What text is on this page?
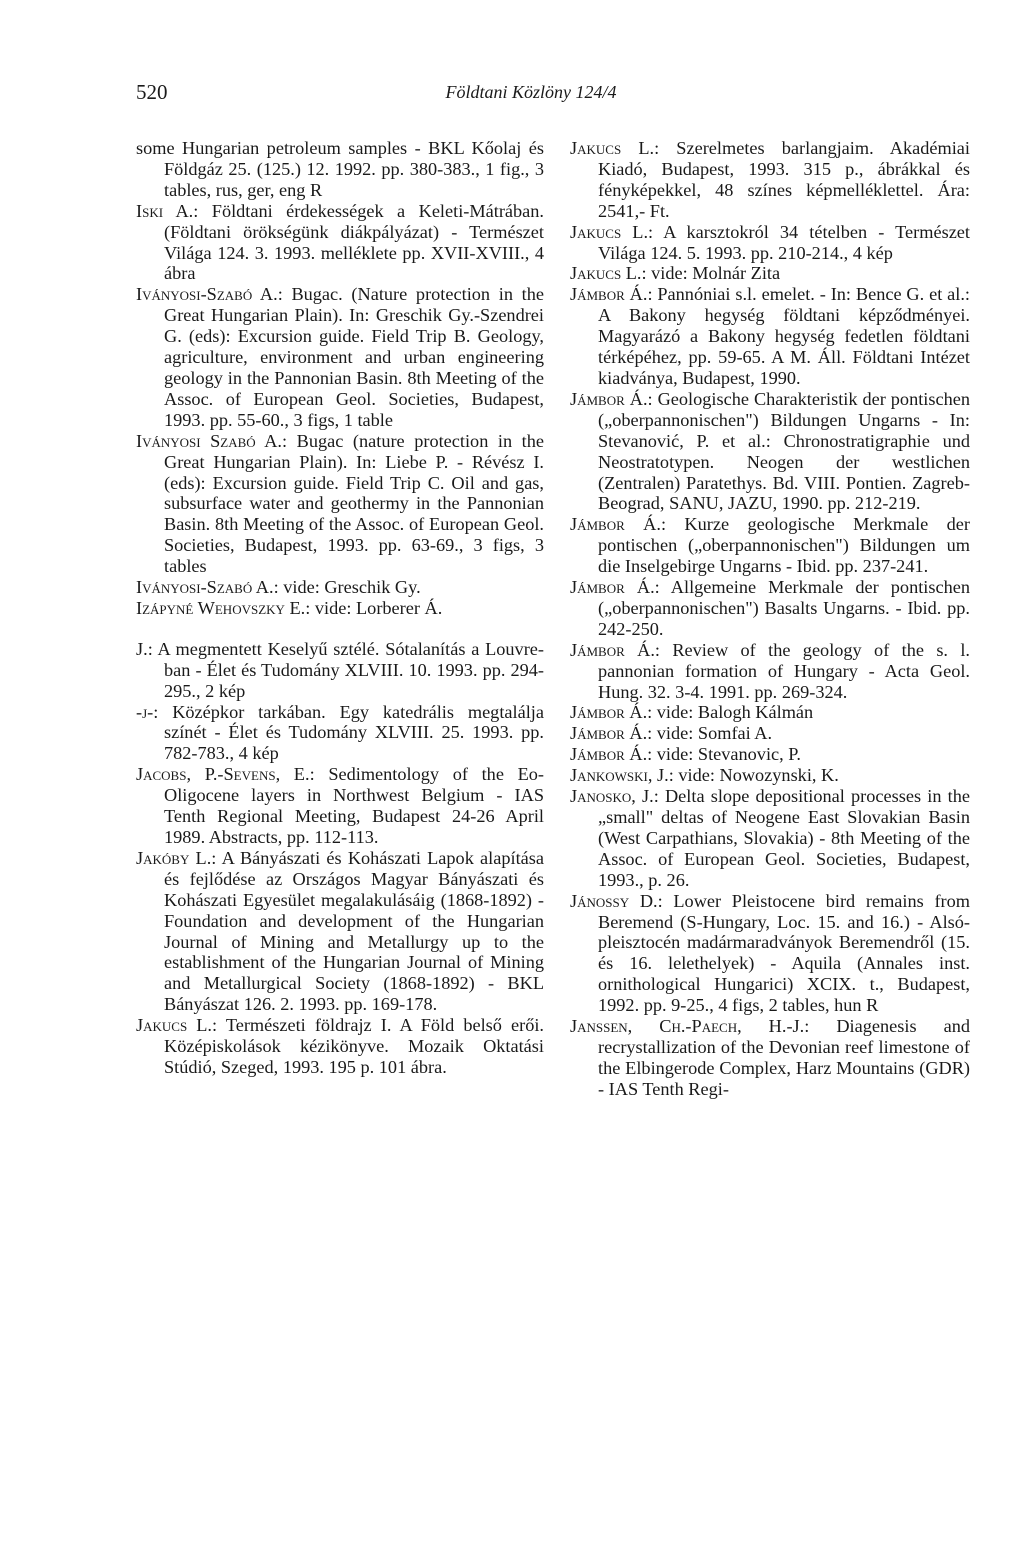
520	Földtani Közlöny 124/4

some Hungarian petroleum samples - BKL Kőolaj és Földgáz 25. (125.) 12. 1992. pp. 380-383., 1 fig., 3 tables, rus, ger, eng R

Iski A.: Földtani érdekességek a Keleti-Mátrában. (Földtani örökségünk diákpályázat) - Természet Világa 124. 3. 1993. melléklete pp. XVII-XVIII., 4 ábra

Iványosi-Szabó A.: Bugac. (Nature protection in the Great Hungarian Plain). In: Greschik Gy.-Szendrei G. (eds): Excursion guide. Field Trip B. Geology, agriculture, environment and urban engineering geology in the Pannonian Basin. 8th Meeting of the Assoc. of European Geol. Societies, Budapest, 1993. pp. 55-60., 3 figs, 1 table

Iványosi Szabó A.: Bugac (nature protection in the Great Hungarian Plain). In: Liebe P. - Révész I. (eds): Excursion guide. Field Trip C. Oil and gas, subsurface water and geothermy in the Pannonian Basin. 8th Meeting of the Assoc. of European Geol. Societies, Budapest, 1993. pp. 63-69., 3 figs, 3 tables

Iványosi-Szabó A.: vide: Greschik Gy.

Izápyné Wehovszky E.: vide: Lorberer Á.

J.: A megmentett Keselyű sztélé. Sótalanítás a Louvre-ban - Élet és Tudomány XLVIII. 10. 1993. pp. 294-295., 2 kép

-j-: Középkor tarkában. Egy katedrális megtalálja színét - Élet és Tudomány XLVIII. 25. 1993. pp. 782-783., 4 kép

Jacobs, P.-Sevens, E.: Sedimentology of the Eo-Oligocene layers in Northwest Belgium - IAS Tenth Regional Meeting, Budapest 24-26 April 1989. Abstracts, pp. 112-113.

Jakóby L.: A Bányászati és Kohászati Lapok alapítása és fejlődése az Országos Magyar Bányászati és Kohászati Egyesület megalakulásáig (1868-1892) - Foundation and development of the Hungarian Journal of Mining and Metallurgy up to the establishment of the Hungarian Journal of Mining and Metallurgical Society (1868-1892) - BKL Bányászat 126. 2. 1993. pp. 169-178.

Jakucs L.: Természeti földrajz I. A Föld belső erői. Középiskolások kézikönyve. Mozaik Oktatási Stúdió, Szeged, 1993. 195 p. 101 ábra.

Jakucs L.: Szerelmetes barlangjaim. Akadémiai Kiadó, Budapest, 1993. 315 p., ábrákkal és fényképekkel, 48 színes képmelléklettel. Ára: 2541,- Ft.

Jakucs L.: A karsztokról 34 tételben - Természet Világa 124. 5. 1993. pp. 210-214., 4 kép

Jakucs L.: vide: Molnár Zita

Jámbor Á.: Pannóniai s.l. emelet. - In: Bence G. et al.: A Bakony hegység földtani képződményei. Magyarázó a Bakony hegység fedetlen földtani térképéhez, pp. 59-65. A M. Áll. Földtani Intézet kiadványa, Budapest, 1990.

Jámbor Á.: Geologische Charakteristik der pontischen („oberpannonischen") Bildungen Ungarns - In: Stevanović, P. et al.: Chronostratigraphie und Neostratotypen. Neogen der westlichen (Zentralen) Paratethys. Bd. VIII. Pontien. Zagreb-Beograd, SANU, JAZU, 1990. pp. 212-219.

Jámbor Á.: Kurze geologische Merkmale der pontischen („oberpannonischen") Bildungen um die Inselgebirge Ungarns - Ibid. pp. 237-241.

Jámbor Á.: Allgemeine Merkmale der pontischen („oberpannonischen") Basalts Ungarns. - Ibid. pp. 242-250.

Jámbor Á.: Review of the geology of the s. l. pannonian formation of Hungary - Acta Geol. Hung. 32. 3-4. 1991. pp. 269-324.

Jámbor Á.: vide: Balogh Kálmán

Jámbor Á.: vide: Somfai A.

Jámbor Á.: vide: Stevanovic, P.

Jankowski, J.: vide: Nowozynski, K.

Janosko, J.: Delta slope depositional processes in the „small" deltas of Neogene East Slovakian Basin (West Carpathians, Slovakia) - 8th Meeting of the Assoc. of European Geol. Societies, Budapest, 1993., p. 26.

Jánossy D.: Lower Pleistocene bird remains from Beremend (S-Hungary, Loc. 15. and 16.) - Alsó-pleisztocén madármaradványok Beremendről (15. és 16. lelethelyek) - Aquila (Annales inst. ornithological Hungarici) XCIX. t., Budapest, 1992. pp. 9-25., 4 figs, 2 tables, hun R

Janssen, Ch.-Paech, H.-J.: Diagenesis and recrystallization of the Devonian reef limestone of the Elbingerode Complex, Harz Mountains (GDR) - IAS Tenth Regi-
